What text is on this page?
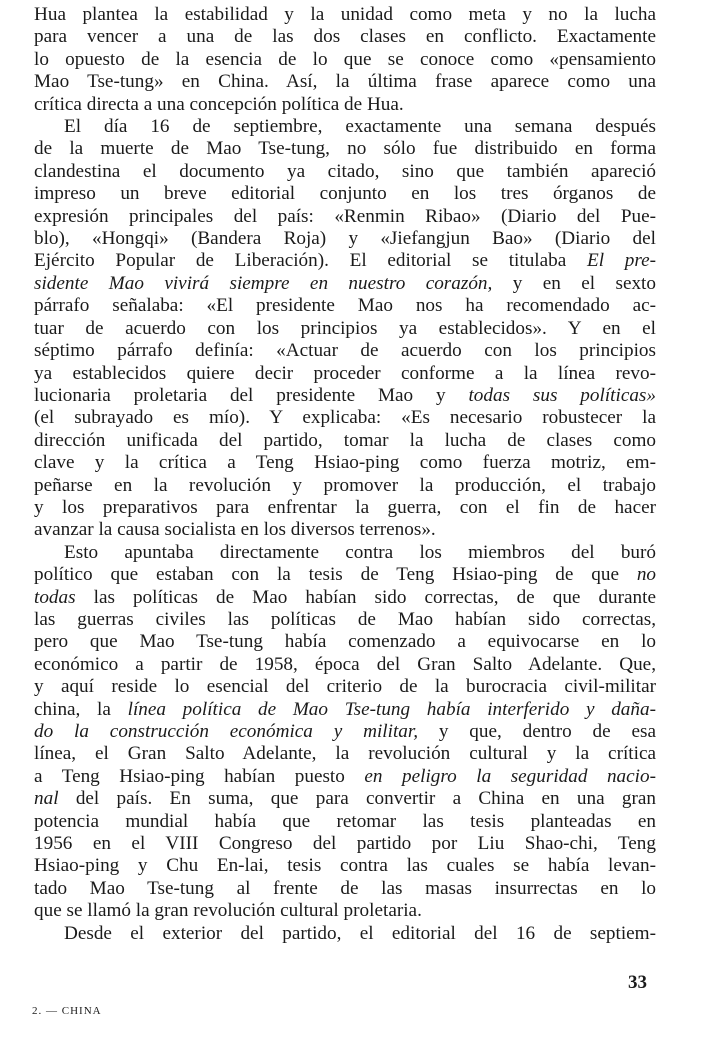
Hua plantea la estabilidad y la unidad como meta y no la lucha
para vencer a una de las dos clases en conflicto. Exactamente
lo opuesto de la esencia de lo que se conoce como «pensamiento
Mao Tse-tung» en China. Así, la última frase aparece como una
crítica directa a una concepción política de Hua.
El día 16 de septiembre, exactamente una semana después
de la muerte de Mao Tse-tung, no sólo fue distribuido en forma
clandestina el documento ya citado, sino que también apareció
impreso un breve editorial conjunto en los tres órganos de
expresión principales del país: «Renmin Ribao» (Diario del Pue-
blo), «Hongqi» (Bandera Roja) y «Jiefangjun Bao» (Diario del
Ejército Popular de Liberación). El editorial se titulaba El pre-
sidente Mao vivirá siempre en nuestro corazón, y en el sexto
párrafo señalaba: «El presidente Mao nos ha recomendado ac-
tuar de acuerdo con los principios ya establecidos». Y en el
séptimo párrafo definía: «Actuar de acuerdo con los principios
ya establecidos quiere decir proceder conforme a la línea revo-
lucionaria proletaria del presidente Mao y todas sus políticas»
(el subrayado es mío). Y explicaba: «Es necesario robustecer la
dirección unificada del partido, tomar la lucha de clases como
clave y la crítica a Teng Hsiao-ping como fuerza motriz, em-
peñarse en la revolución y promover la producción, el trabajo
y los preparativos para enfrentar la guerra, con el fin de hacer
avanzar la causa socialista en los diversos terrenos».
Esto apuntaba directamente contra los miembros del buró
político que estaban con la tesis de Teng Hsiao-ping de que no
todas las políticas de Mao habían sido correctas, de que durante
las guerras civiles las políticas de Mao habían sido correctas,
pero que Mao Tse-tung había comenzado a equivocarse en lo
económico a partir de 1958, época del Gran Salto Adelante. Que,
y aquí reside lo esencial del criterio de la burocracia civil-militar
china, la línea política de Mao Tse-tung había interferido y daña-
do la construcción económica y militar, y que, dentro de esa
línea, el Gran Salto Adelante, la revolución cultural y la crítica
a Teng Hsiao-ping habían puesto en peligro la seguridad nacio-
nal del país. En suma, que para convertir a China en una gran
potencia mundial había que retomar las tesis planteadas en
1956 en el VIII Congreso del partido por Liu Shao-chi, Teng
Hsiao-ping y Chu En-lai, tesis contra las cuales se había levan-
tado Mao Tse-tung al frente de las masas insurrectas en lo
que se llamó la gran revolución cultural proletaria.
Desde el exterior del partido, el editorial del 16 de septiem-
33
2. — CHINA
